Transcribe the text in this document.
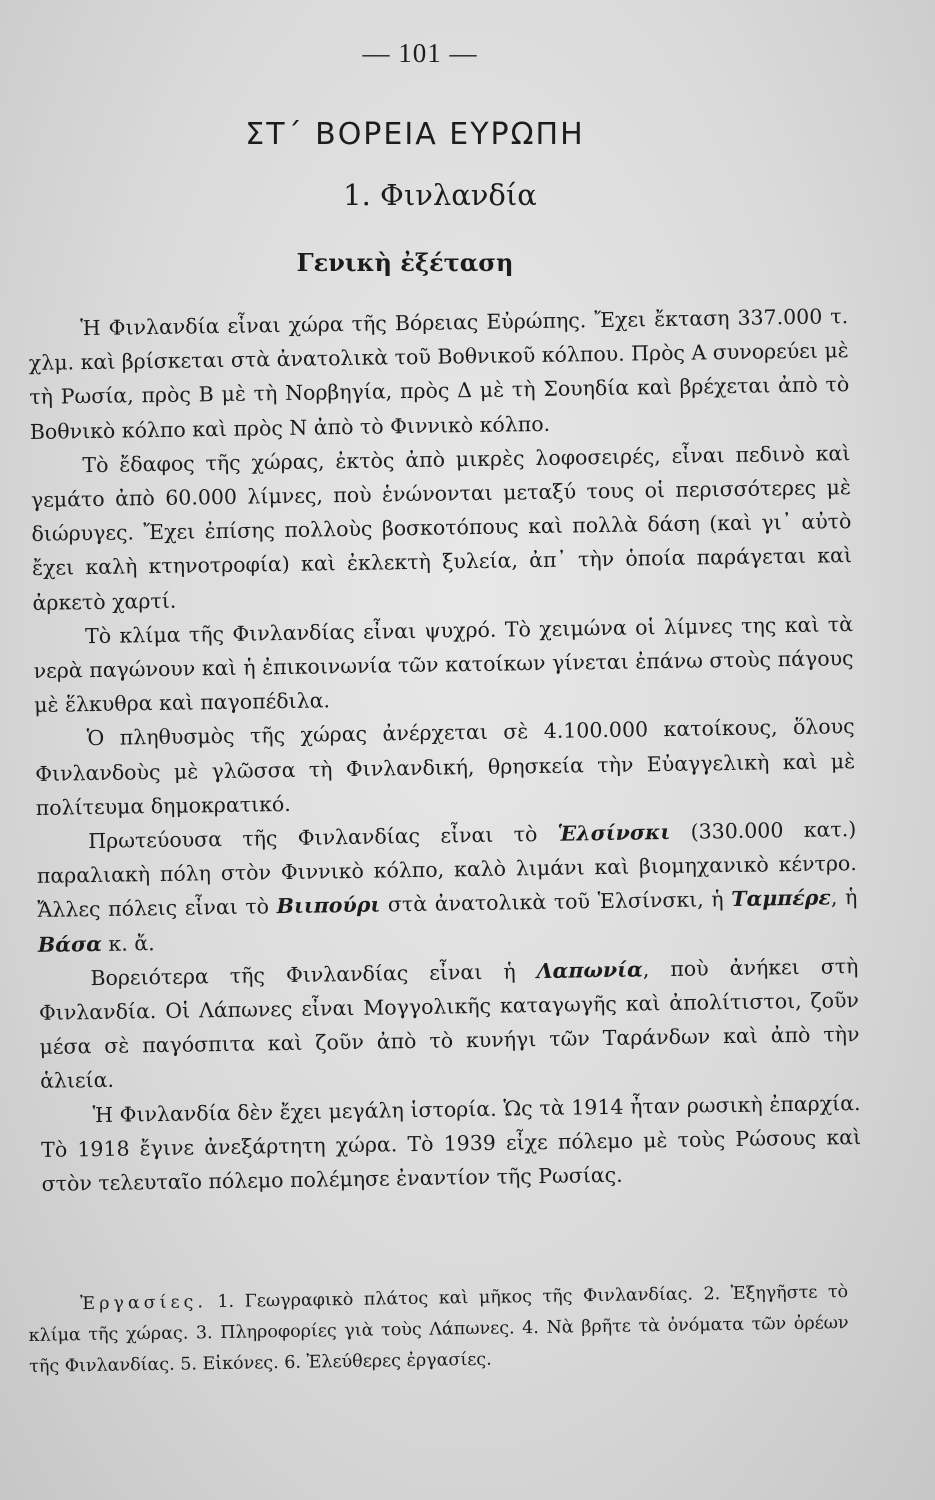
— 101 —
ΣΤ΄ ΒΟΡΕΙΑ ΕΥΡΩΠΗ
1. Φινλανδία
Γενικὴ ἐξέταση

Ἡ Φινλανδία εἶναι χώρα τῆς Βόρειας Εὐρώπης. Ἔχει ἔκταση 337.000 τ. χλμ. καὶ βρίσκεται στὰ ἀνατολικὰ τοῦ Βοθνικοῦ κόλπου. Πρὸς Α συνορεύει μὲ τὴ Ρωσία, πρὸς Β μὲ τὴ Νορβηγία, πρὸς Δ μὲ τὴ Σουηδία καὶ βρέχεται ἀπὸ τὸ Βοθνικὸ κόλπο καὶ πρὸς Ν ἀπὸ τὸ Φιννικὸ κόλπο.

Τὸ ἔδαφος τῆς χώρας, ἐκτὸς ἀπὸ μικρὲς λοφοσειρές, εἶναι πεδινὸ καὶ γεμάτο ἀπὸ 60.000 λίμνες, ποὺ ἑνώνονται μεταξύ τους οἱ περισσότερες μὲ διώρυγες. Ἔχει ἐπίσης πολλοὺς βοσκοτόπους καὶ πολλὰ δάση (καὶ γι᾿ αὐτὸ ἔχει καλὴ κτηνοτροφία) καὶ ἐκλεκτὴ ξυλεία, ἀπ᾿ τὴν ὁποία παράγεται καὶ ἀρκετὸ χαρτί.

Τὸ κλίμα τῆς Φινλανδίας εἶναι ψυχρό. Τὸ χειμώνα οἱ λίμνες της καὶ τὰ νερὰ παγώνουν καὶ ἡ ἐπικοινωνία τῶν κατοίκων γίνεται ἐπάνω στοὺς πάγους μὲ ἕλκυθρα καὶ παγοπέδιλα.

Ὁ πληθυσμὸς τῆς χώρας ἀνέρχεται σὲ 4.100.000 κατοίκους, ὅλους Φινλανδοὺς μὲ γλῶσσα τὴ Φινλανδική, θρησκεία τὴν Εὐαγγελικὴ καὶ μὲ πολίτευμα δημοκρατικό.

Πρωτεύουσα τῆς Φινλανδίας εἶναι τὸ Ἑλσίνσκι (330.000 κατ.) παραλιακὴ πόλη στὸν Φιννικὸ κόλπο, καλὸ λιμάνι καὶ βιομηχανικὸ κέντρο. Ἄλλες πόλεις εἶναι τὸ Βιιπούρι στὰ ἀνατολικὰ τοῦ Ἑλσίνσκι, ἡ Ταμπέρε, ἡ Βάσα κ. ἄ.

Βορειότερα τῆς Φινλανδίας εἶναι ἡ Λαπωνία, ποὺ ἀνήκει στὴ Φινλανδία. Οἱ Λάπωνες εἶναι Μογγολικῆς καταγωγῆς καὶ ἀπολίτιστοι, ζοῦν μέσα σὲ παγόσπιτα καὶ ζοῦν ἀπὸ τὸ κυνήγι τῶν Ταράνδων καὶ ἀπὸ τὴν ἁλιεία.

Ἡ Φινλανδία δὲν ἔχει μεγάλη ἱστορία. Ὡς τὰ 1914 ἦταν ρωσικὴ ἐπαρχία. Τὸ 1918 ἔγινε ἀνεξάρτητη χώρα. Τὸ 1939 εἶχε πόλεμο μὲ τοὺς Ρώσους καὶ στὸν τελευταῖο πόλεμο πολέμησε ἐναντίον τῆς Ρωσίας.

Ἐργασίες. 1. Γεωγραφικὸ πλάτος καὶ μῆκος τῆς Φινλανδίας. 2. Ἐξηγῆστε τὸ κλίμα τῆς χώρας. 3. Πληροφορίες γιὰ τοὺς Λάπωνες. 4. Νὰ βρῆτε τὰ ὀνόματα τῶν ὀρέων τῆς Φινλανδίας. 5. Εἰκόνες. 6. Ἐλεύθερες ἐργασίες.
